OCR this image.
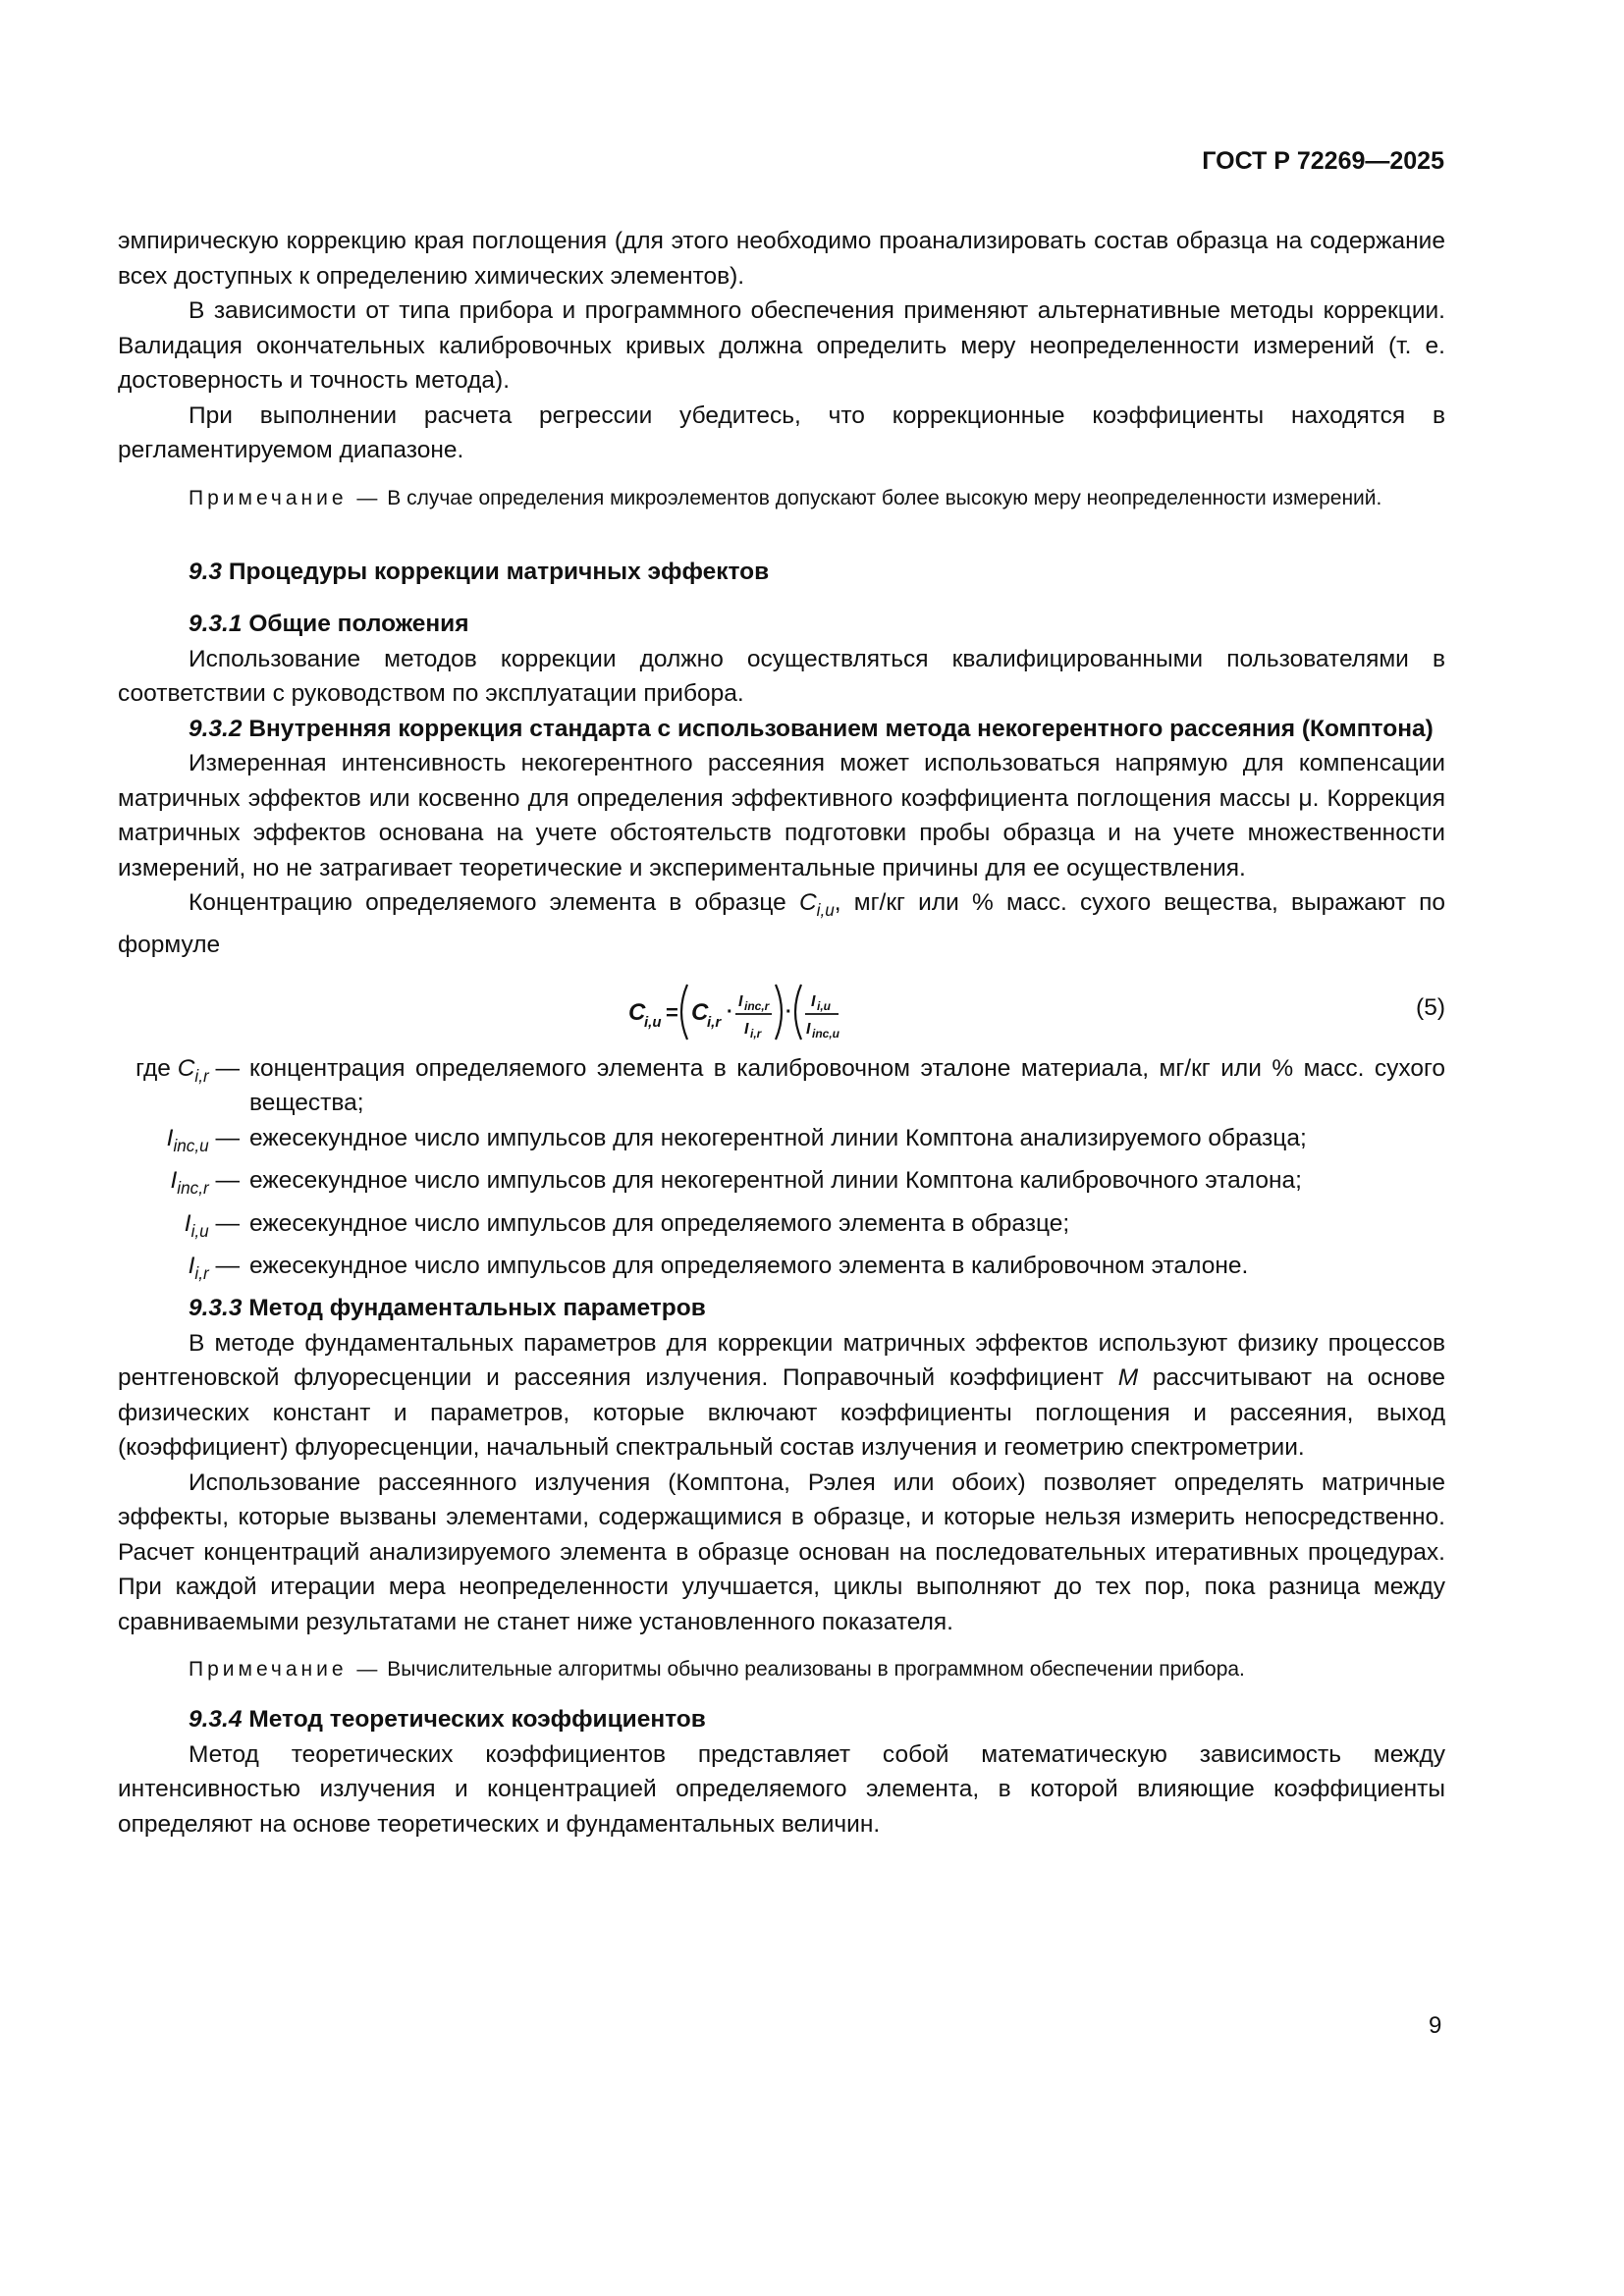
ГОСТ Р 72269—2025

эмпирическую коррекцию края поглощения (для этого необходимо проанализировать состав образца на содержание всех доступных к определению химических элементов).

В зависимости от типа прибора и программного обеспечения применяют альтернативные методы коррекции. Валидация окончательных калибровочных кривых должна определить меру неопределенности измерений (т. е. достоверность и точность метода).

При выполнении расчета регрессии убедитесь, что коррекционные коэффициенты находятся в регламентируемом диапазоне.

Примечание — В случае определения микроэлементов допускают более высокую меру неопределенности измерений.

9.3 Процедуры коррекции матричных эффектов

9.3.1 Общие положения

Использование методов коррекции должно осуществляться квалифицированными пользователями в соответствии с руководством по эксплуатации прибора.

9.3.2 Внутренняя коррекция стандарта с использованием метода некогерентного рассеяния (Комптона)

Измеренная интенсивность некогерентного рассеяния может использоваться напрямую для компенсации матричных эффектов или косвенно для определения эффективного коэффициента поглощения массы μ. Коррекция матричных эффектов основана на учете обстоятельств подготовки пробы образца и на учете множественности измерений, но не затрагивает теоретические и экспериментальные причины для ее осуществления.

Концентрацию определяемого элемента в образце $C_{i,u}$, мг/кг или % масс. сухого вещества, выражают по формуле

C
i,u = C
i,r · I inc,r
I i,r
· I i,u
I inc,u
(5)
где $C_{i,r}$ — концентрация определяемого элемента в калибровочном эталоне материала, мг/кг или % масс. сухого вещества;
$I_{inc,u}$ — ежесекундное число импульсов для некогерентной линии Комптона анализируемого образца;
$I_{inc,r}$ — ежесекундное число импульсов для некогерентной линии Комптона калибровочного эталона;
$I_{i,u}$ — ежесекундное число импульсов для определяемого элемента в образце;
$I_{i,r}$ — ежесекундное число импульсов для определяемого элемента в калибровочном эталоне.

9.3.3 Метод фундаментальных параметров

В методе фундаментальных параметров для коррекции матричных эффектов используют физику процессов рентгеновской флуоресценции и рассеяния излучения. Поправочный коэффициент M рассчитывают на основе физических констант и параметров, которые включают коэффициенты поглощения и рассеяния, выход (коэффициент) флуоресценции, начальный спектральный состав излучения и геометрию спектрометрии.

Использование рассеянного излучения (Комптона, Рэлея или обоих) позволяет определять матричные эффекты, которые вызваны элементами, содержащимися в образце, и которые нельзя измерить непосредственно. Расчет концентраций анализируемого элемента в образце основан на последовательных итеративных процедурах. При каждой итерации мера неопределенности улучшается, циклы выполняют до тех пор, пока разница между сравниваемыми результатами не станет ниже установленного показателя.

Примечание — Вычислительные алгоритмы обычно реализованы в программном обеспечении прибора.

9.3.4 Метод теоретических коэффициентов

Метод теоретических коэффициентов представляет собой математическую зависимость между интенсивностью излучения и концентрацией определяемого элемента, в которой влияющие коэффициенты определяют на основе теоретических и фундаментальных величин.

9
